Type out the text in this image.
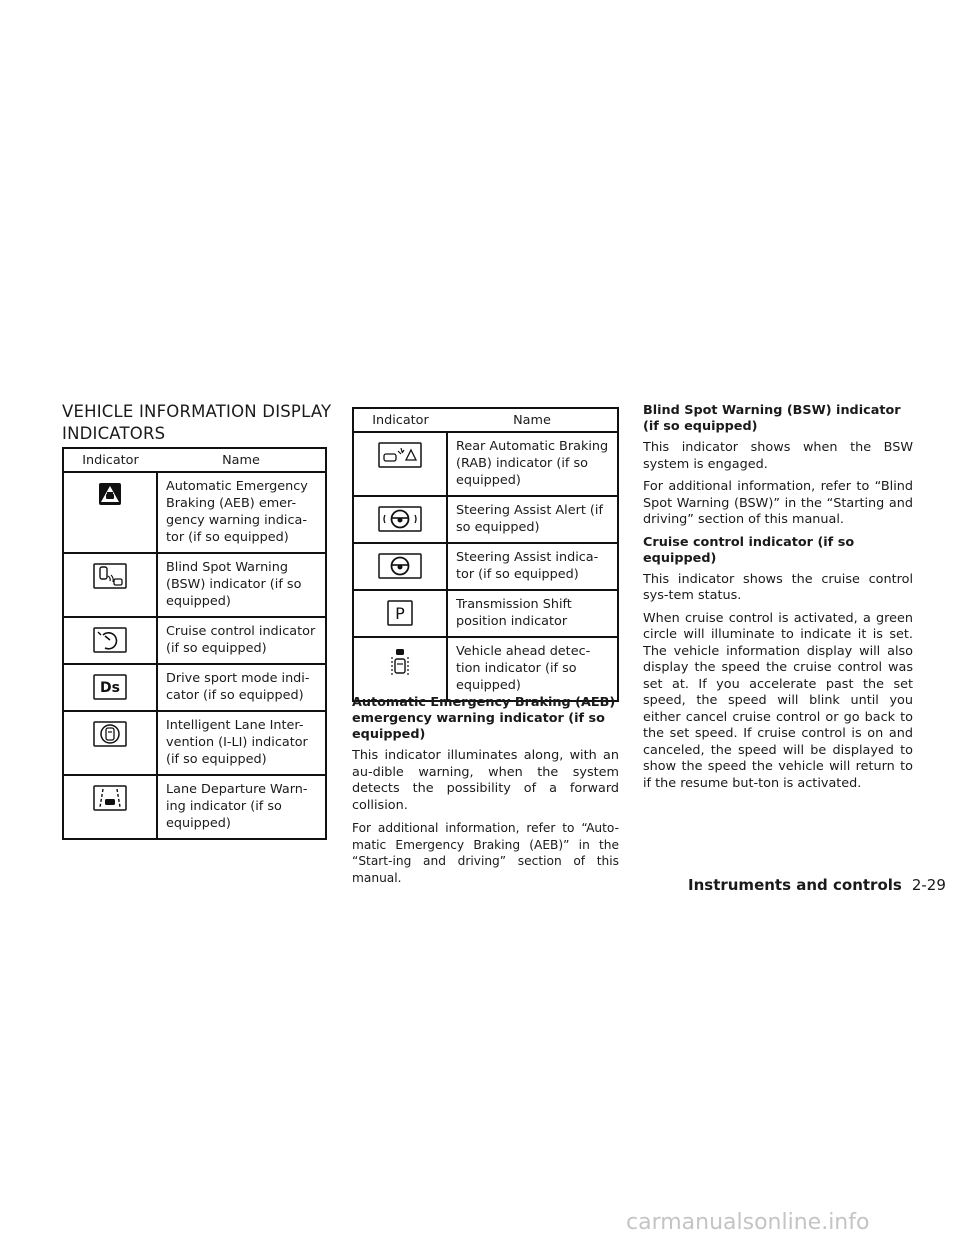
VEHICLE INFORMATION DISPLAY INDICATORS
Indicator	Name
	Automatic Emergency Braking (AEB) emer-gency warning indica-tor (if so equipped)
	Blind Spot Warning (BSW) indicator (if so equipped)
	Cruise control indicator (if so equipped)

Ds	Drive sport mode indi-cator (if so equipped)
	Intelligent Lane Inter-vention (I-LI) indicator (if so equipped)
	Lane Departure Warn-ing indicator (if so equipped)
Indicator	Name
	Rear Automatic Braking (RAB) indicator (if so equipped)
	Steering Assist Alert (if so equipped)
	Steering Assist indica-tor (if so equipped)

P	Transmission Shift position indicator
	Vehicle ahead detec-tion indicator (if so equipped)
Automatic Emergency Braking (AEB) emergency warning indicator (if so equipped)

This indicator illuminates along, with an au-dible warning, when the system detects the possibility of a forward collision.

For additional information, refer to “Auto-matic Emergency Braking (AEB)” in the “Start-ing and driving” section of this manual.

Blind Spot Warning (BSW) indicator (if so equipped)

This indicator shows when the BSW system is engaged.

For additional information, refer to “Blind Spot Warning (BSW)” in the “Starting and driving” section of this manual.

Cruise control indicator (if so equipped)

This indicator shows the cruise control sys-tem status.

When cruise control is activated, a green circle will illuminate to indicate it is set. The vehicle information display will also display the speed the cruise control was set at. If you accelerate past the set speed, the speed will blink until you either cancel cruise control or go back to the set speed. If cruise control is on and canceled, the speed will be displayed to show the speed the vehicle will return to if the resume but-ton is activated.

Instruments and controls 2-29
carmanualsonline.info
